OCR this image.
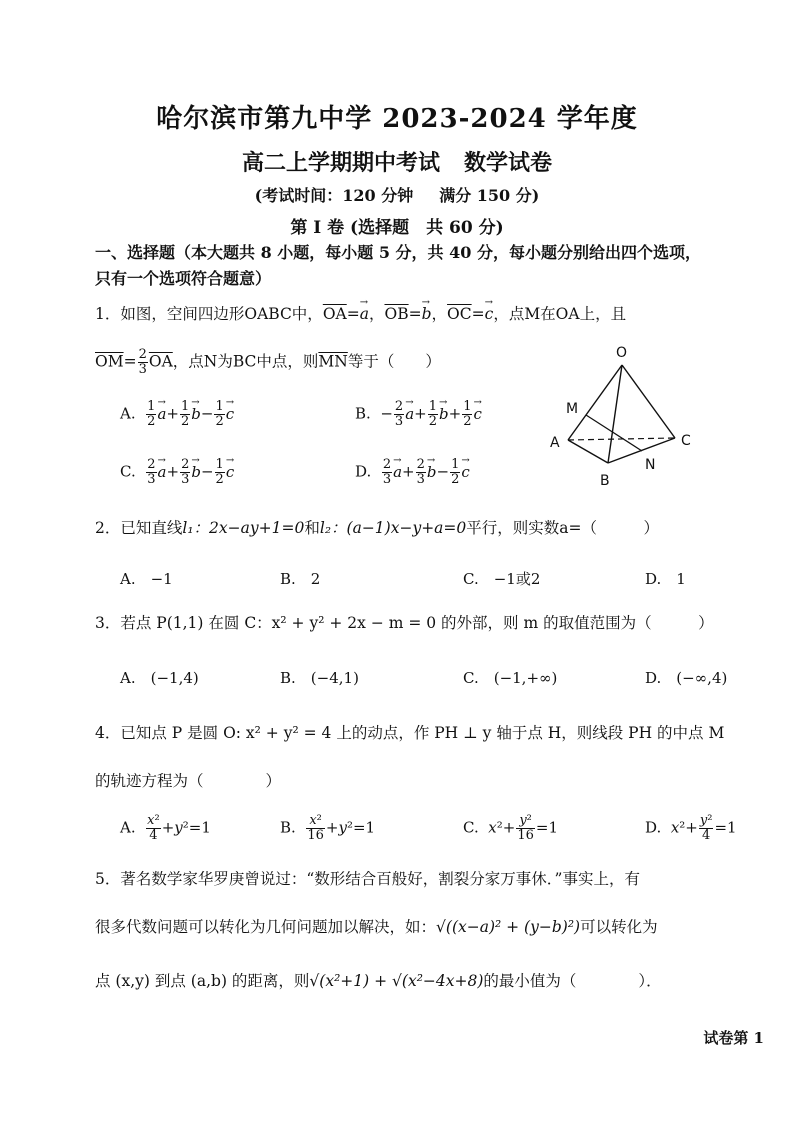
哈尔滨市第九中学 2023-2024 学年度
高二上学期期中考试 数学试卷
(考试时间：120 分钟 满分 150 分)
第 I 卷 (选择题　共 60 分)
一、选择题（本大题共 8 小题，每小题 5 分，共 40 分，每小题分别给出四个选项，
只有一个选项符合题意）
1．如图，空间四边形OABC中，$\overline{OA}=\to a$，$\overline{OB}=\to b$，$\overline{OC}=\to c$，点M在OA上，且
$\overline{OM}= \frac{2}{3} \overline{OA}$，点N为BC中点，则$\overline{MN}$等于（　　）
A. $\frac{1}{2} \to a+ \frac{1}{2} \to b- \frac{1}{2} \to c$	B.  − $\frac{2}{3} \to a+ \frac{1}{2} \to b+ \frac{1}{2} \to c$
C. $\frac{2}{3} \to a+ \frac{2}{3} \to b- \frac{1}{2} \to c$	D. $\frac{2}{3} \to a+ \frac{2}{3} \to b- \frac{1}{2} \to c$
O
M
A	C
N
B
2．已知直线l₁：2x−ay+1=0和l₂：(a−1)x−y+a=0平行，则实数a=（　　　）
A.　−1	B.　2	C.　−1或2	D.　1
3．若点 P(1,1) 在圆 C：x² + y² + 2x − m = 0 的外部，则 m 的取值范围为（　　　）
A.　(−1,4)	B.　(−4,1)	C.　(−1,+∞)	D.　(−∞,4)
4．已知点 P 是圆 O: x² + y² = 4 上的动点，作 PH ⊥ y 轴于点 H，则线段 PH 的中点 M
的轨迹方程为（　　　　）
A. $\frac{\text{x²}}{4} +y^2=1$	B. $\frac{\text{x²}}{16} +y^2=1$	C. $x^2+ \frac{\text{y²}}{16} =1$	D. $x^2+ \frac{\text{y²}}{4} =1$
5．著名数学家华罗庚曾说过：“数形结合百般好，割裂分家万事休．”事实上，有
很多代数问题可以转化为几何问题加以解决，如：√((x−a)² + (y−b)²)可以转化为
点 (x,y) 到点 (a,b) 的距离，则√(x²+1) + √(x²−4x+8)的最小值为（　　　　）．
试卷第 1
